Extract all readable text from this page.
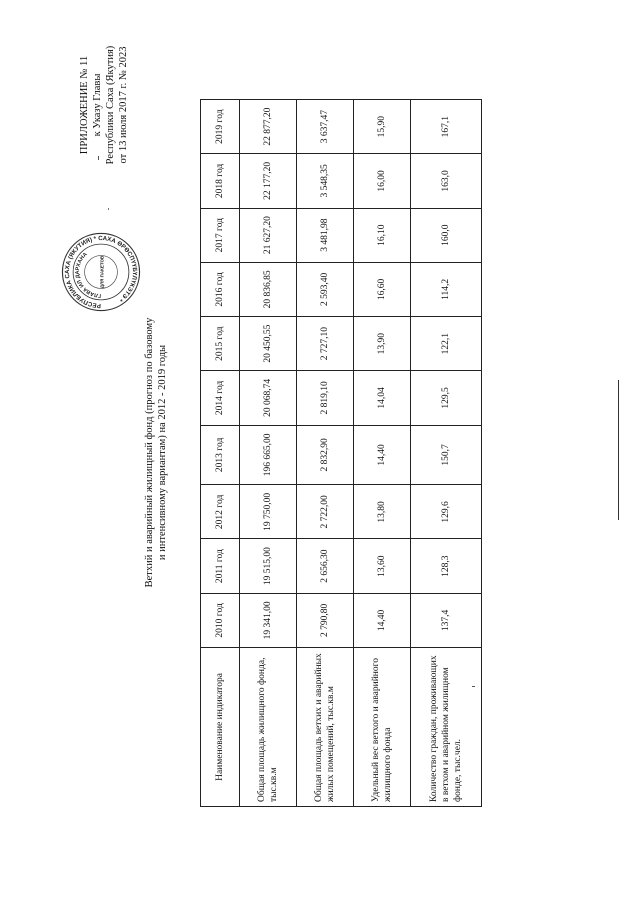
ПРИЛОЖЕНИЕ № 11 к Указу Главы Республики Саха (Якутия) от 13 июля 2017 г. № 2023
РЕСПУБЛИКА САХА (ЯКУТИЯ) * САХА ӨРӨСПҮҮБҮЛҮКЭТЭ *
ГЛАВА ИЛ ДАРХАНА
ДЛЯ ПАКЕТОВ
Ветхий и аварийный жилищный фонд (прогноз по базовому и интенсивному вариантам) на 2012 - 2019 годы
Наименование индикатора	2010 год	2011 год	2012 год	2013 год	2014 год	2015 год	2016 год	2017 год	2018 год	2019 год
Общая площадь жилищного фонда, тыс.кв.м	19 341,00	19 515,00	19 750,00	196 665,00	20 068,74	20 450,55	20 836,85	21 627,20	22 177,20	22 877,20
Общая площадь ветхих и аварийных жилых помещений, тыс.кв.м	2 790,80	2 656,30	2 722,00	2 832,90	2 819,10	2 727,10	2 593,40	3 481,98	3 548,35	3 637,47
Удельный вес ветхого и аварийного жилищного фонда	14,40	13,60	13,80	14,40	14,04	13,90	16,60	16,10	16,00	15,90
Количество граждан, проживающих в ветхом и аварийном жилищном фонде, тыс.чел.	137,4	128,3	129,6	150,7	129,5	122,1	114,2	160,0	163,0	167,1
